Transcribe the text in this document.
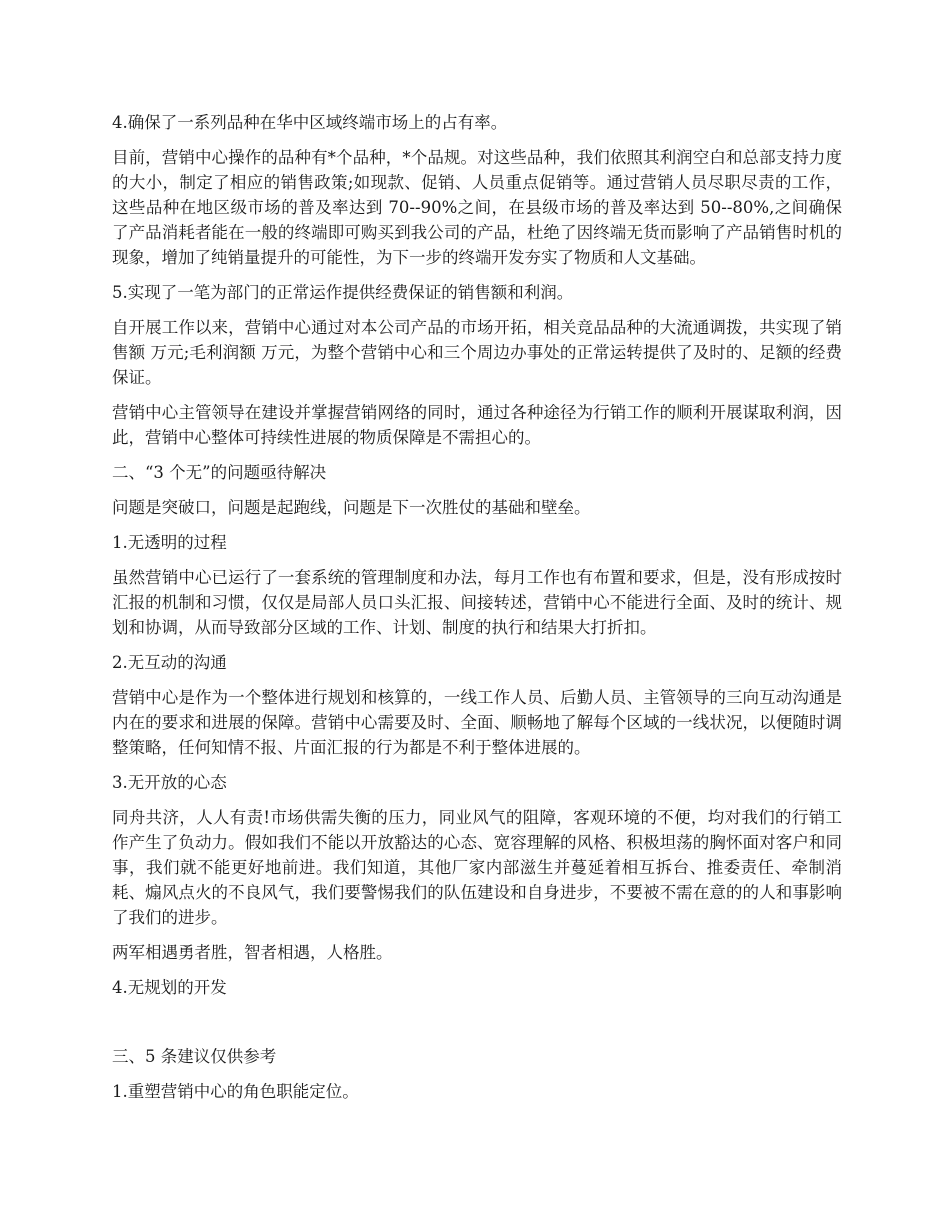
4.确保了一系列品种在华中区域终端市场上的占有率。

目前，营销中心操作的品种有*个品种，*个品规。对这些品种，我们依照其利润空白和总部支持力度的大小，制定了相应的销售政策;如现款、促销、人员重点促销等。通过营销人员尽职尽责的工作，这些品种在地区级市场的普及率达到 70--90%之间，在县级市场的普及率达到 50--80%,之间确保了产品消耗者能在一般的终端即可购买到我公司的产品，杜绝了因终端无货而影响了产品销售时机的现象，增加了纯销量提升的可能性，为下一步的终端开发夯实了物质和人文基础。

5.实现了一笔为部门的正常运作提供经费保证的销售额和利润。

自开展工作以来，营销中心通过对本公司产品的市场开拓，相关竞品品种的大流通调拨，共实现了销售额 万元;毛利润额 万元，为整个营销中心和三个周边办事处的正常运转提供了及时的、足额的经费保证。

营销中心主管领导在建设并掌握营销网络的同时，通过各种途径为行销工作的顺利开展谋取利润，因此，营销中心整体可持续性进展的物质保障是不需担心的。

二、“3 个无”的问题亟待解决

问题是突破口，问题是起跑线，问题是下一次胜仗的基础和壁垒。

1.无透明的过程

虽然营销中心已运行了一套系统的管理制度和办法，每月工作也有布置和要求，但是，没有形成按时汇报的机制和习惯，仅仅是局部人员口头汇报、间接转述，营销中心不能进行全面、及时的统计、规划和协调，从而导致部分区域的工作、计划、制度的执行和结果大打折扣。

2.无互动的沟通

营销中心是作为一个整体进行规划和核算的，一线工作人员、后勤人员、主管领导的三向互动沟通是内在的要求和进展的保障。营销中心需要及时、全面、顺畅地了解每个区域的一线状况，以便随时调整策略，任何知情不报、片面汇报的行为都是不利于整体进展的。

3.无开放的心态

同舟共济，人人有责!市场供需失衡的压力，同业风气的阻障，客观环境的不便，均对我们的行销工作产生了负动力。假如我们不能以开放豁达的心态、宽容理解的风格、积极坦荡的胸怀面对客户和同事，我们就不能更好地前进。我们知道，其他厂家内部滋生并蔓延着相互拆台、推委责任、牵制消耗、煽风点火的不良风气，我们要警惕我们的队伍建设和自身进步，不要被不需在意的的人和事影响了我们的进步。

两军相遇勇者胜，智者相遇，人格胜。

4.无规划的开发

三、5 条建议仅供参考

1.重塑营销中心的角色职能定位。
